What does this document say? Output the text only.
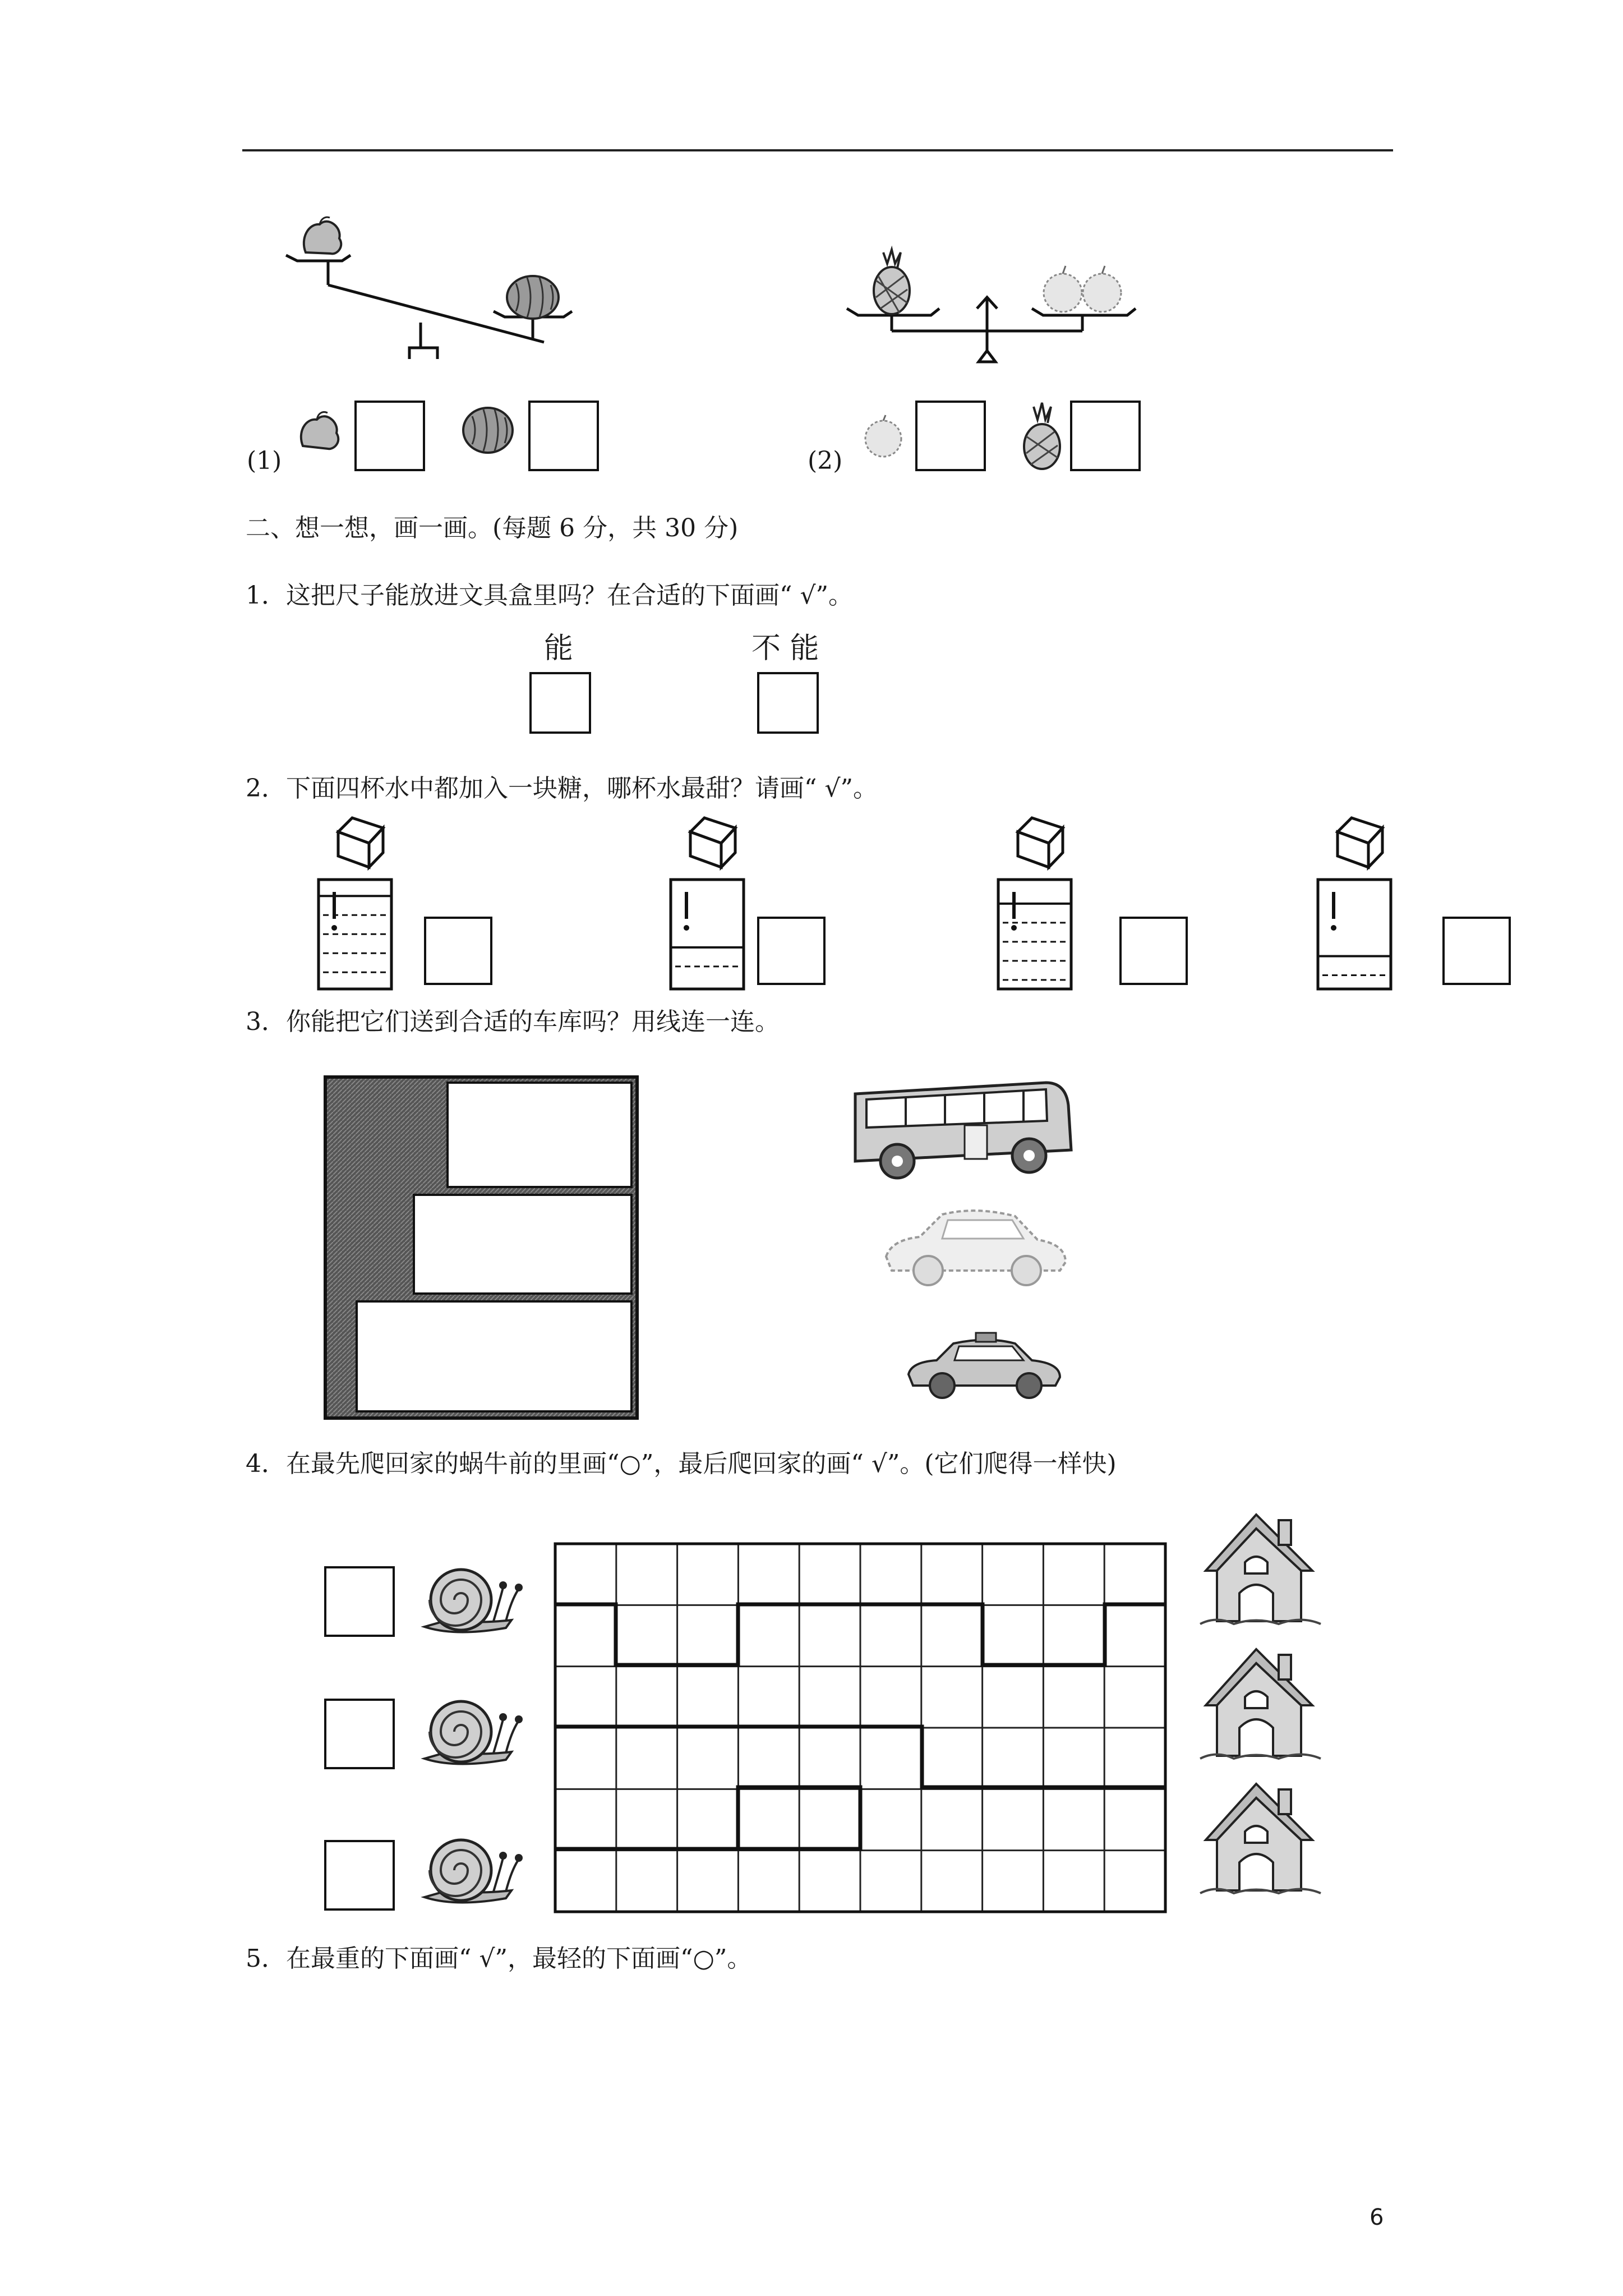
(1)	(2)
二、想一想，画一画。(每题 6 分，共 30 分)
1．这把尺子能放进文具盒里吗？在合适的下面画“ √”。
能	不 能
2．下面四杯水中都加入一块糖，哪杯水最甜？请画“ √”。
3．你能把它们送到合适的车库吗？用线连一连。
4．在最先爬回家的蜗牛前的里画“○”，最后爬回家的画“ √”。(它们爬得一样快)
5．在最重的下面画“ √”，最轻的下面画“○”。
6
